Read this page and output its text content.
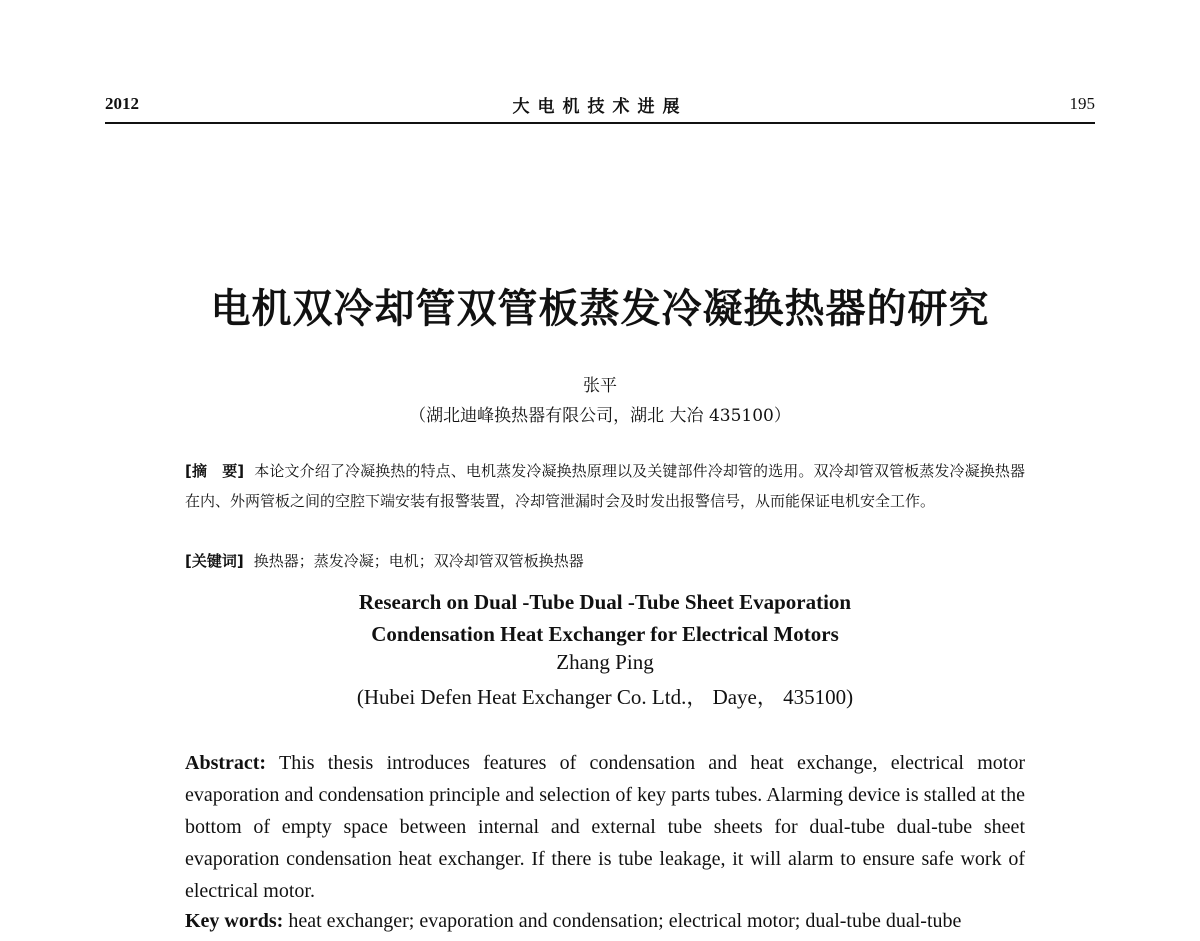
2012	大电机技术进展	195
电机双冷却管双管板蒸发冷凝换热器的研究
张平
（湖北迪峰换热器有限公司，湖北 大冶 435100）
[摘　要] 本论文介绍了冷凝换热的特点、电机蒸发冷凝换热原理以及关键部件冷却管的选用。双冷却管双管板蒸发冷凝换热器在内、外两管板之间的空腔下端安装有报警装置，冷却管泄漏时会及时发出报警信号，从而能保证电机安全工作。
[关键词] 换热器；蒸发冷凝；电机；双冷却管双管板换热器
Research on Dual -Tube Dual -Tube Sheet Evaporation
Condensation Heat Exchanger for Electrical Motors
Zhang Ping
(Hubei Defen Heat Exchanger Co. Ltd.， Daye， 435100)
Abstract: This thesis introduces features of condensation and heat exchange, electrical motor evaporation and condensation principle and selection of key parts tubes. Alarming device is stalled at the bottom of empty space between internal and external tube sheets for dual-tube dual-tube sheet evaporation condensation heat exchanger. If there is tube leakage, it will alarm to ensure safe work of electrical motor.
Key words: heat exchanger; evaporation and condensation; electrical motor; dual-tube dual-tube
